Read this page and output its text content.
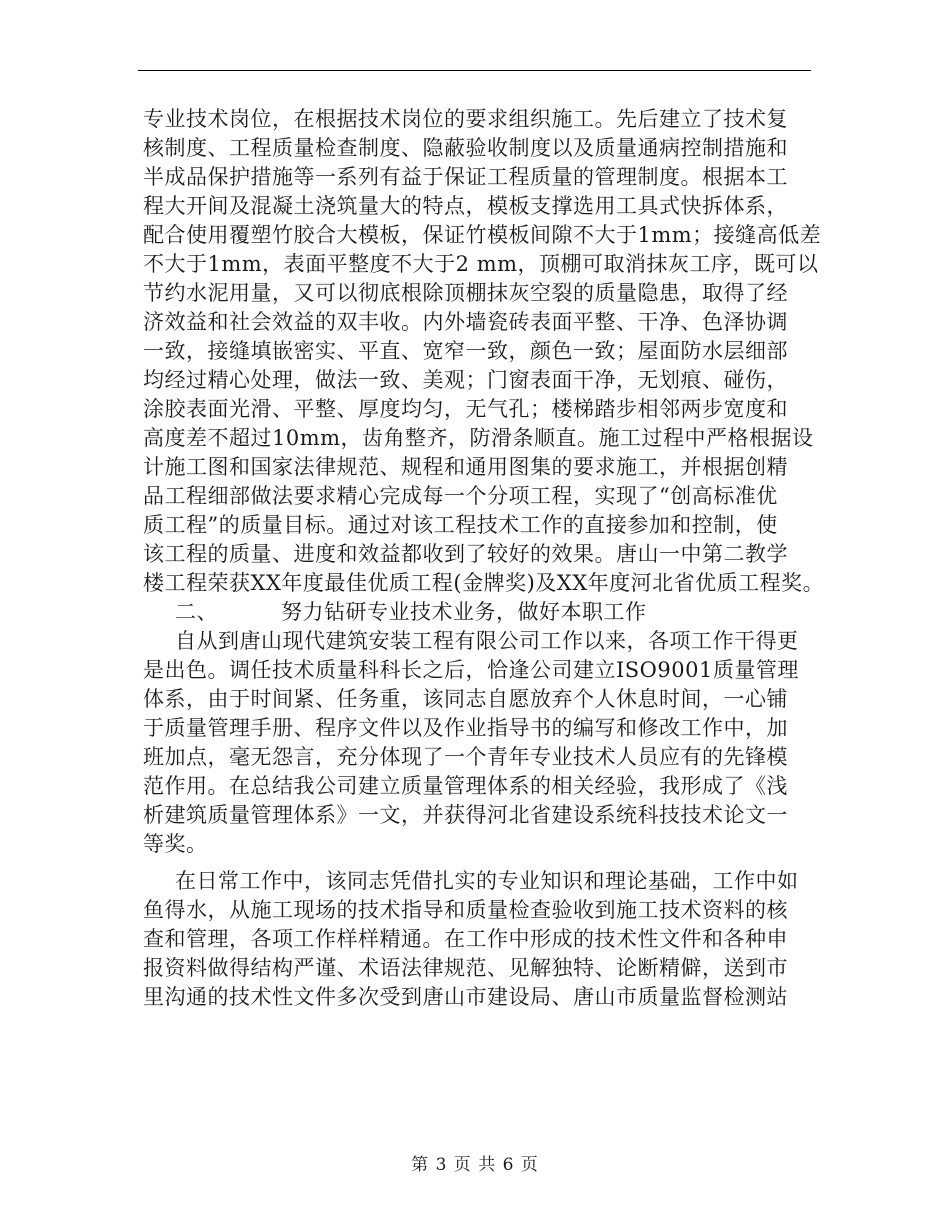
专业技术岗位，在根据技术岗位的要求组织施工。先后建立了技术复
核制度、工程质量检查制度、隐蔽验收制度以及质量通病控制措施和
半成品保护措施等一系列有益于保证工程质量的管理制度。根据本工
程大开间及混凝土浇筑量大的特点，模板支撑选用工具式快拆体系，
配合使用覆塑竹胶合大模板，保证竹模板间隙不大于1mm；接缝高低差
不大于1mm，表面平整度不大于2 mm，顶棚可取消抹灰工序，既可以
节约水泥用量，又可以彻底根除顶棚抹灰空裂的质量隐患，取得了经
济效益和社会效益的双丰收。内外墙瓷砖表面平整、干净、色泽协调
一致，接缝填嵌密实、平直、宽窄一致，颜色一致；屋面防水层细部
均经过精心处理，做法一致、美观；门窗表面干净，无划痕、碰伤，
涂胶表面光滑、平整、厚度均匀，无气孔；楼梯踏步相邻两步宽度和
高度差不超过10mm，齿角整齐，防滑条顺直。施工过程中严格根据设
计施工图和国家法律规范、规程和通用图集的要求施工，并根据创精
品工程细部做法要求精心完成每一个分项工程，实现了“创高标准优
质工程”的质量目标。通过对该工程技术工作的直接参加和控制，使
该工程的质量、进度和效益都收到了较好的效果。唐山一中第二教学
楼工程荣获XX年度最佳优质工程(金牌奖)及XX年度河北省优质工程奖。
二、	努力钻研专业技术业务，做好本职工作
自从到唐山现代建筑安装工程有限公司工作以来，各项工作干得更
是出色。调任技术质量科科长之后，恰逢公司建立ISO9001质量管理
体系，由于时间紧、任务重，该同志自愿放弃个人休息时间，一心铺
于质量管理手册、程序文件以及作业指导书的编写和修改工作中，加
班加点，毫无怨言，充分体现了一个青年专业技术人员应有的先锋模
范作用。在总结我公司建立质量管理体系的相关经验，我形成了《浅
析建筑质量管理体系》一文，并获得河北省建设系统科技技术论文一
等奖。
在日常工作中，该同志凭借扎实的专业知识和理论基础，工作中如
鱼得水，从施工现场的技术指导和质量检查验收到施工技术资料的核
查和管理，各项工作样样精通。在工作中形成的技术性文件和各种申
报资料做得结构严谨、术语法律规范、见解独特、论断精僻，送到市
里沟通的技术性文件多次受到唐山市建设局、唐山市质量监督检测站
第 3 页 共 6 页
